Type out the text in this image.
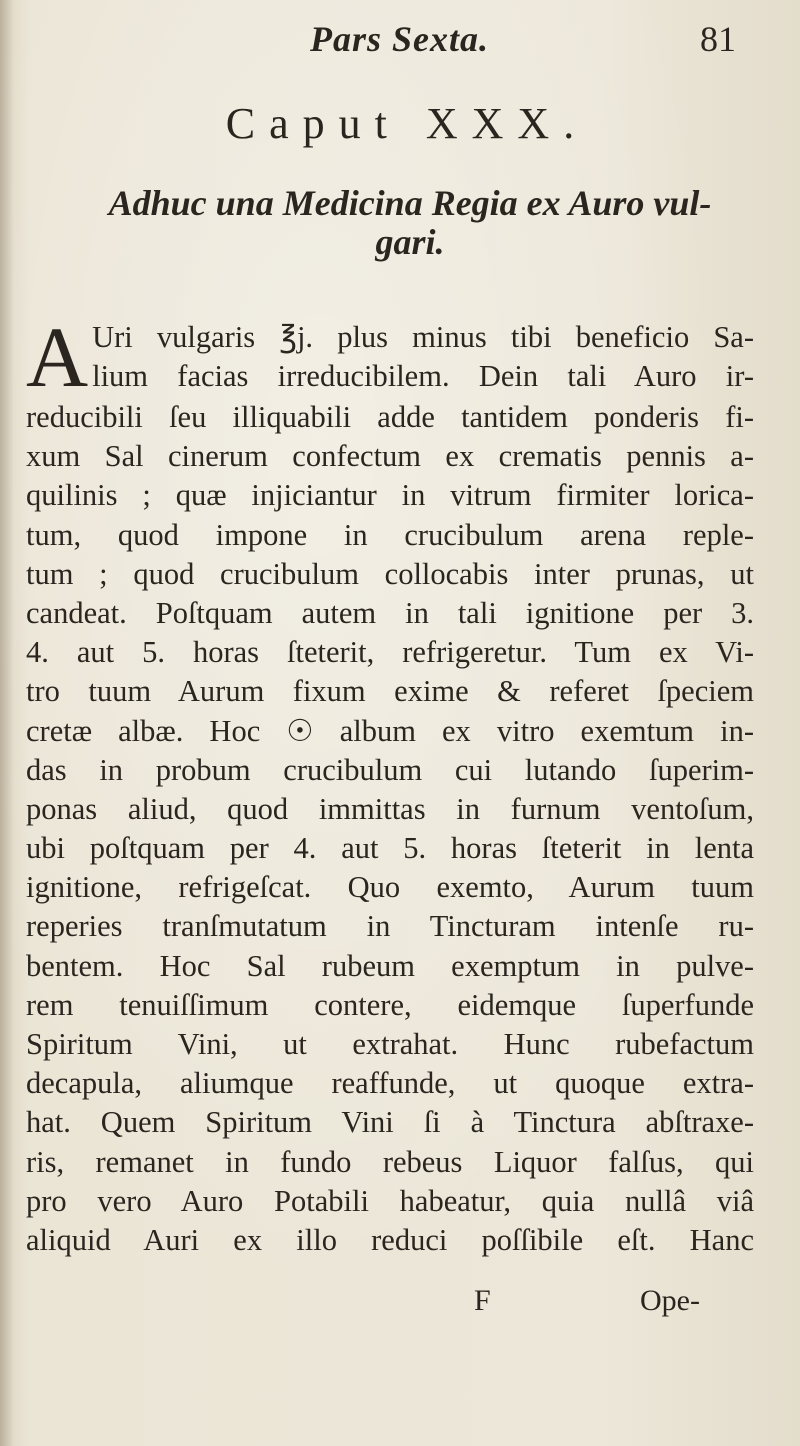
Pars Sexta.	81
Caput XXX.
Adhuc una Medicina Regia ex Auro vul-
gari.
A Uri vulgaris ℥j. plus minus tibi beneficio Sa-
lium facias irreducibilem. Dein tali Auro ir-
reducibili ſeu illiquabili adde tantidem ponderis fi-
xum Sal cinerum confectum ex crematis pennis a-
quilinis ; quæ injiciantur in vitrum firmiter lorica-
tum, quod impone in crucibulum arena reple-
tum ; quod crucibulum collocabis inter prunas, ut
candeat. Poſtquam autem in tali ignitione per 3.
4. aut 5. horas ſteterit, refrigeretur. Tum ex Vi-
tro tuum Aurum fixum exime & referet ſpeciem
cretæ albæ. Hoc ☉ album ex vitro exemtum in-
das in probum crucibulum cui lutando ſuperim-
ponas aliud, quod immittas in furnum ventoſum,
ubi poſtquam per 4. aut 5. horas ſteterit in lenta
ignitione, refrigeſcat. Quo exemto, Aurum tuum
reperies tranſmutatum in Tincturam intenſe ru-
bentem. Hoc Sal rubeum exemptum in pulve-
rem tenuiſſimum contere, eidemque ſuperfunde
Spiritum Vini, ut extrahat. Hunc rubefactum
decapula, aliumque reaffunde, ut quoque extra-
hat. Quem Spiritum Vini ſi à Tinctura abſtraxe-
ris, remanet in fundo rebeus Liquor falſus, qui
pro vero Auro Potabili habeatur, quia nullâ viâ
aliquid Auri ex illo reduci poſſibile eſt. Hanc
F	Ope-
